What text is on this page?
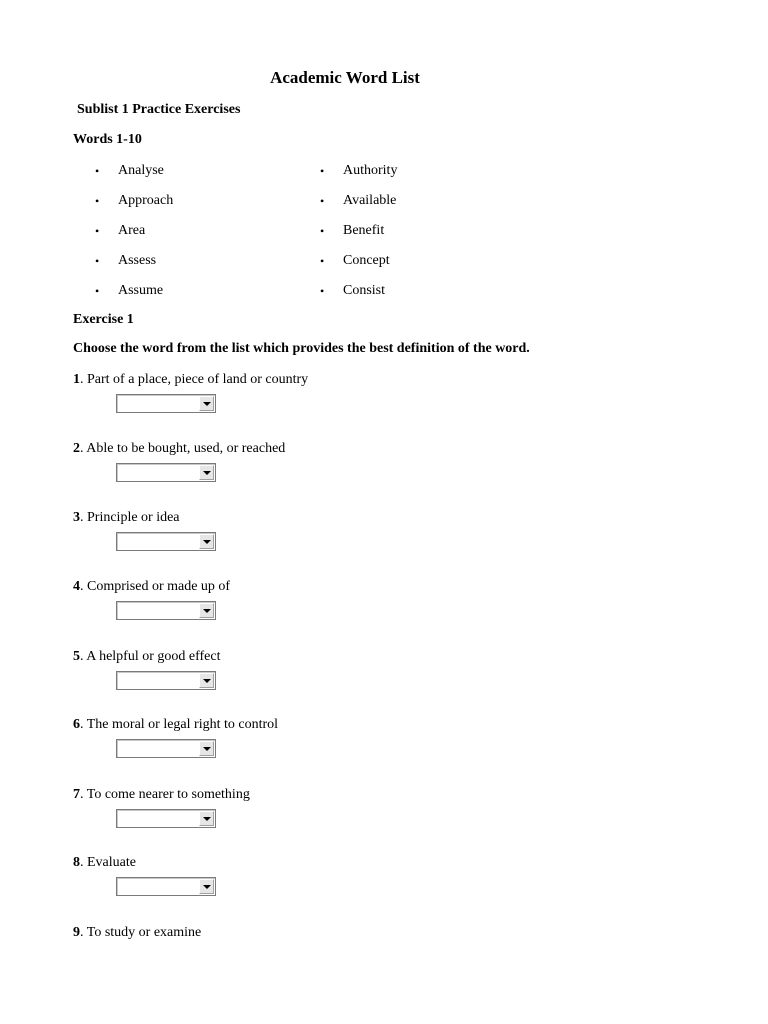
Academic Word List

Sublist 1 Practice Exercises

Words 1-10

• Analyse
• Approach
• Area
• Assess
• Assume
• Authority
• Available
• Benefit
• Concept
• Consist

Exercise 1

Choose the word from the list which provides the best definition of the word.

1. Part of a place, piece of land or country

2. Able to be bought, used, or reached

3. Principle or idea

4. Comprised or made up of

5. A helpful or good effect

6. The moral or legal right to control

7. To come nearer to something

8. Evaluate

9. To study or examine
